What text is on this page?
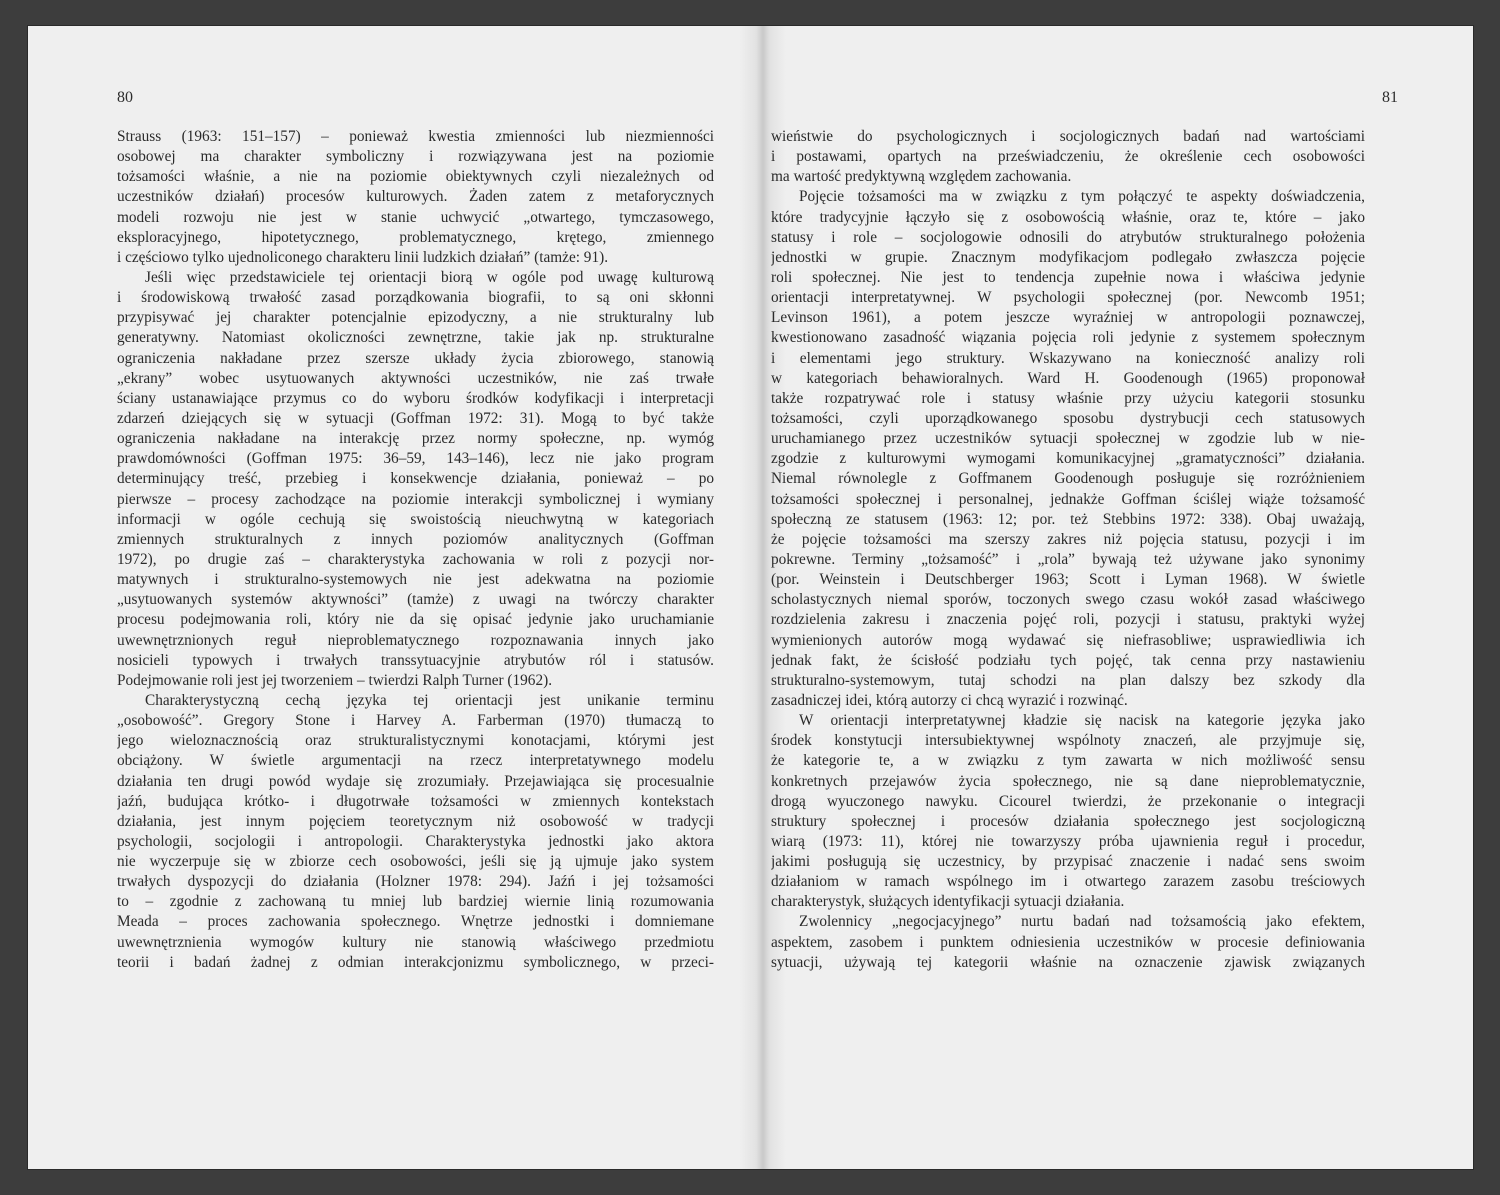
80
Strauss (1963: 151–157) – ponieważ kwestia zmienności lub niezmienności
osobowej ma charakter symboliczny i rozwiązywana jest na poziomie
tożsamości właśnie, a nie na poziomie obiektywnych czyli niezależnych od
uczestników działań) procesów kulturowych. Żaden zatem z metaforycznych
modeli rozwoju nie jest w stanie uchwycić „otwartego, tymczasowego,
eksploracyjnego, hipotetycznego, problematycznego, krętego, zmiennego
i częściowo tylko ujednoliconego charakteru linii ludzkich działań” (tamże: 91).
Jeśli więc przedstawiciele tej orientacji biorą w ogóle pod uwagę kulturową
i środowiskową trwałość zasad porządkowania biografii, to są oni skłonni
przypisywać jej charakter potencjalnie epizodyczny, a nie strukturalny lub
generatywny. Natomiast okoliczności zewnętrzne, takie jak np. strukturalne
ograniczenia nakładane przez szersze układy życia zbiorowego, stanowią
„ekrany” wobec usytuowanych aktywności uczestników, nie zaś trwałe
ściany ustanawiające przymus co do wyboru środków kodyfikacji i interpretacji
zdarzeń dziejących się w sytuacji (Goffman 1972: 31). Mogą to być także
ograniczenia nakładane na interakcję przez normy społeczne, np. wymóg
prawdomówności (Goffman 1975: 36–59, 143–146), lecz nie jako program
determinujący treść, przebieg i konsekwencje działania, ponieważ – po
pierwsze – procesy zachodzące na poziomie interakcji symbolicznej i wymiany
informacji w ogóle cechują się swoistością nieuchwytną w kategoriach
zmiennych strukturalnych z innych poziomów analitycznych (Goffman
1972), po drugie zaś – charakterystyka zachowania w roli z pozycji nor-
matywnych i strukturalno-systemowych nie jest adekwatna na poziomie
„usytuowanych systemów aktywności” (tamże) z uwagi na twórczy charakter
procesu podejmowania roli, który nie da się opisać jedynie jako uruchamianie
uwewnętrznionych reguł nieproblematycznego rozpoznawania innych jako
nosicieli typowych i trwałych transsytuacyjnie atrybutów ról i statusów.
Podejmowanie roli jest jej tworzeniem – twierdzi Ralph Turner (1962).
Charakterystyczną cechą języka tej orientacji jest unikanie terminu
„osobowość”. Gregory Stone i Harvey A. Farberman (1970) tłumaczą to
jego wieloznacznością oraz strukturalistycznymi konotacjami, którymi jest
obciążony. W świetle argumentacji na rzecz interpretatywnego modelu
działania ten drugi powód wydaje się zrozumiały. Przejawiająca się procesualnie
jaźń, budująca krótko- i długotrwałe tożsamości w zmiennych kontekstach
działania, jest innym pojęciem teoretycznym niż osobowość w tradycji
psychologii, socjologii i antropologii. Charakterystyka jednostki jako aktora
nie wyczerpuje się w zbiorze cech osobowości, jeśli się ją ujmuje jako system
trwałych dyspozycji do działania (Holzner 1978: 294). Jaźń i jej tożsamości
to – zgodnie z zachowaną tu mniej lub bardziej wiernie linią rozumowania
Meada – proces zachowania społecznego. Wnętrze jednostki i domniemane
uwewnętrznienia wymogów kultury nie stanowią właściwego przedmiotu
teorii i badań żadnej z odmian interakcjonizmu symbolicznego, w przeci-
81
wieństwie do psychologicznych i socjologicznych badań nad wartościami
i postawami, opartych na przeświadczeniu, że określenie cech osobowości
ma wartość predyktywną względem zachowania.
Pojęcie tożsamości ma w związku z tym połączyć te aspekty doświadczenia,
które tradycyjnie łączyło się z osobowością właśnie, oraz te, które – jako
statusy i role – socjologowie odnosili do atrybutów strukturalnego położenia
jednostki w grupie. Znacznym modyfikacjom podlegało zwłaszcza pojęcie
roli społecznej. Nie jest to tendencja zupełnie nowa i właściwa jedynie
orientacji interpretatywnej. W psychologii społecznej (por. Newcomb 1951;
Levinson 1961), a potem jeszcze wyraźniej w antropologii poznawczej,
kwestionowano zasadność wiązania pojęcia roli jedynie z systemem społecznym
i elementami jego struktury. Wskazywano na konieczność analizy roli
w kategoriach behawioralnych. Ward H. Goodenough (1965) proponował
także rozpatrywać role i statusy właśnie przy użyciu kategorii stosunku
tożsamości, czyli uporządkowanego sposobu dystrybucji cech statusowych
uruchamianego przez uczestników sytuacji społecznej w zgodzie lub w nie-
zgodzie z kulturowymi wymogami komunikacyjnej „gramatyczności” działania.
Niemal równolegle z Goffmanem Goodenough posługuje się rozróżnieniem
tożsamości społecznej i personalnej, jednakże Goffman ściślej wiąże tożsamość
społeczną ze statusem (1963: 12; por. też Stebbins 1972: 338). Obaj uważają,
że pojęcie tożsamości ma szerszy zakres niż pojęcia statusu, pozycji i im
pokrewne. Terminy „tożsamość” i „rola” bywają też używane jako synonimy
(por. Weinstein i Deutschberger 1963; Scott i Lyman 1968). W świetle
scholastycznych niemal sporów, toczonych swego czasu wokół zasad właściwego
rozdzielenia zakresu i znaczenia pojęć roli, pozycji i statusu, praktyki wyżej
wymienionych autorów mogą wydawać się niefrasobliwe; usprawiedliwia ich
jednak fakt, że ścisłość podziału tych pojęć, tak cenna przy nastawieniu
strukturalno-systemowym, tutaj schodzi na plan dalszy bez szkody dla
zasadniczej idei, którą autorzy ci chcą wyrazić i rozwinąć.
W orientacji interpretatywnej kładzie się nacisk na kategorie języka jako
środek konstytucji intersubiektywnej wspólnoty znaczeń, ale przyjmuje się,
że kategorie te, a w związku z tym zawarta w nich możliwość sensu
konkretnych przejawów życia społecznego, nie są dane nieproblematycznie,
drogą wyuczonego nawyku. Cicourel twierdzi, że przekonanie o integracji
struktury społecznej i procesów działania społecznego jest socjologiczną
wiarą (1973: 11), której nie towarzyszy próba ujawnienia reguł i procedur,
jakimi posługują się uczestnicy, by przypisać znaczenie i nadać sens swoim
działaniom w ramach wspólnego im i otwartego zarazem zasobu treściowych
charakterystyk, służących identyfikacji sytuacji działania.
Zwolennicy „negocjacyjnego” nurtu badań nad tożsamością jako efektem,
aspektem, zasobem i punktem odniesienia uczestników w procesie definiowania
sytuacji, używają tej kategorii właśnie na oznaczenie zjawisk związanych
